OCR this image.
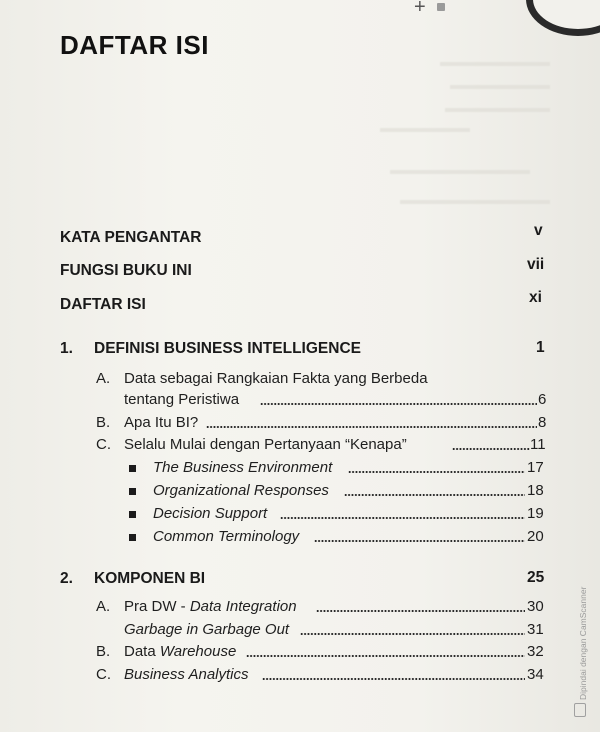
+
DAFTAR ISI
KATA PENGANTAR	v
FUNGSI BUKU INI	vii
DAFTAR ISI	xi
1. DEFINISI BUSINESS INTELLIGENCE	1
A. Data sebagai Rangkaian Fakta yang Berbeda
tentang Peristiwa	6
B. Apa Itu BI?	8
C. Selalu Mulai dengan Pertanyaan “Kenapa”	11
The Business Environment	17
Organizational Responses	18
Decision Support	19
Common Terminology	20
2. KOMPONEN BI	25
A. Pra DW - Data Integration	30
Garbage in Garbage Out	31
B. Data Warehouse	32
C. Business Analytics	34	Dipindai dengan CamScanner
